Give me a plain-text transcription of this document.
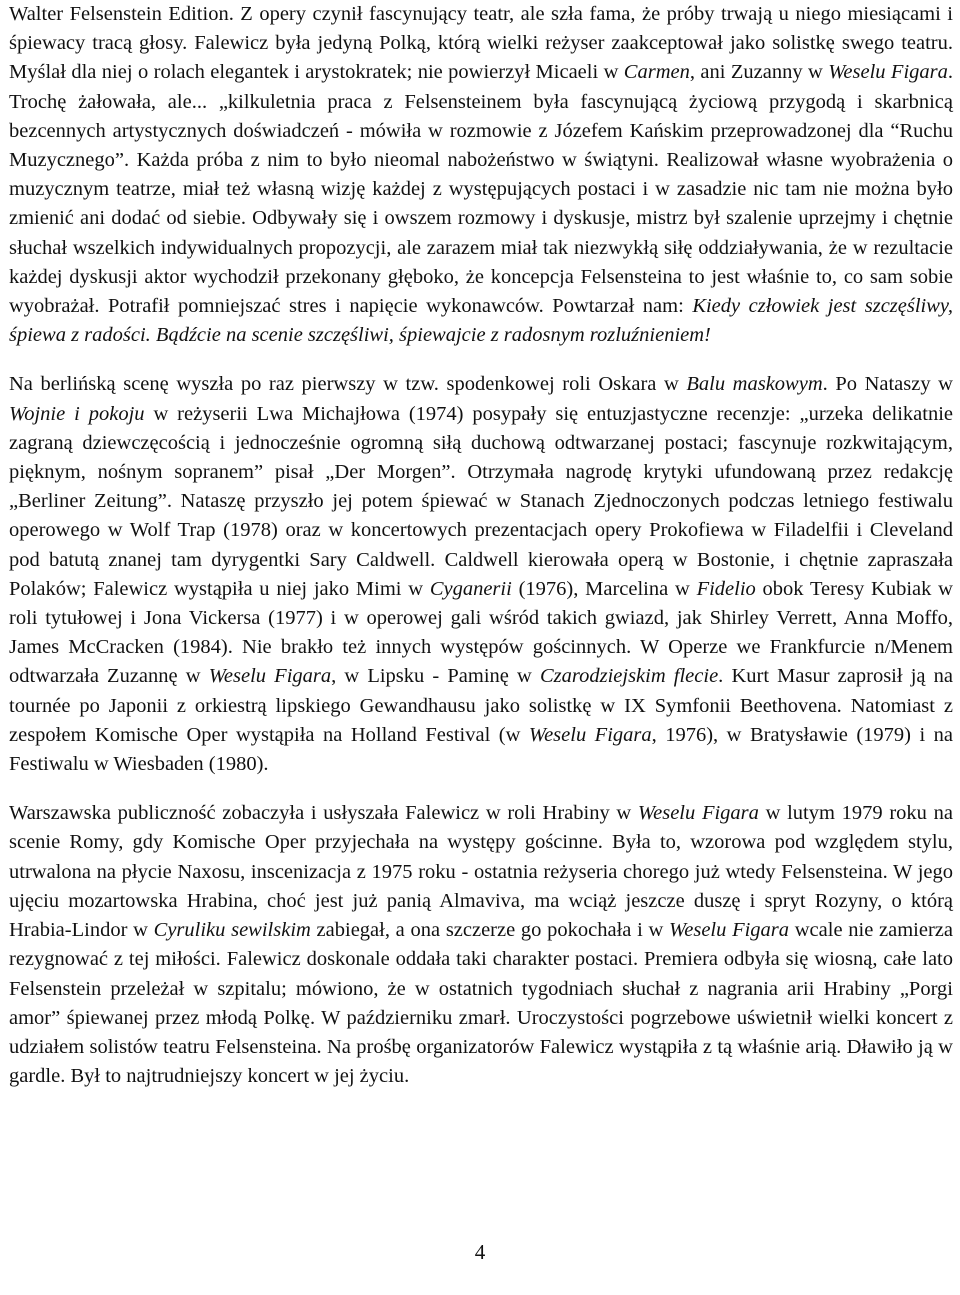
Walter Felsenstein Edition. Z opery czynił fascynujący teatr, ale szła fama, że próby trwają u niego miesiącami i śpiewacy tracą głosy. Falewicz była jedyną Polką, którą wielki reżyser zaakceptował jako solistkę swego teatru. Myślał dla niej o rolach elegantek i arystokratek; nie powierzył Micaeli w Carmen, ani Zuzanny w Weselu Figara. Trochę żałowała, ale... „kilkuletnia praca z Felsensteinem była fascynującą życiową przygodą i skarbnicą bezcennych artystycznych doświadczeń - mówiła w rozmowie z Józefem Kańskim przeprowadzonej dla “Ruchu Muzycznego”. Każda próba z nim to było nieomal nabożeństwo w świątyni. Realizował własne wyobrażenia o muzycznym teatrze, miał też własną wizję każdej z występujących postaci i w zasadzie nic tam nie można było zmienić ani dodać od siebie. Odbywały się i owszem rozmowy i dyskusje, mistrz był szalenie uprzejmy i chętnie słuchał wszelkich indywidualnych propozycji, ale zarazem miał tak niezwykłą siłę oddziaływania, że w rezultacie każdej dyskusji aktor wychodził przekonany głęboko, że koncepcja Felsensteina to jest właśnie to, co sam sobie wyobrażał. Potrafił pomniejszać stres i napięcie wykonawców. Powtarzał nam: Kiedy człowiek jest szczęśliwy, śpiewa z radości. Bądźcie na scenie szczęśliwi, śpiewajcie z radosnym rozluźnieniem!

Na berlińską scenę wyszła po raz pierwszy w tzw. spodenkowej roli Oskara w Balu maskowym. Po Nataszy w Wojnie i pokoju w reżyserii Lwa Michajłowa (1974) posypały się entuzjastyczne recenzje: „urzeka delikatnie zagraną dziewczęcością i jednocześnie ogromną siłą duchową odtwarzanej postaci; fascynuje rozkwitającym, pięknym, nośnym sopranem” pisał „Der Morgen”. Otrzymała nagrodę krytyki ufundowaną przez redakcję „Berliner Zeitung”. Nataszę przyszło jej potem śpiewać w Stanach Zjednoczonych podczas letniego festiwalu operowego w Wolf Trap (1978) oraz w koncertowych prezentacjach opery Prokofiewa w Filadelfii i Cleveland pod batutą znanej tam dyrygentki Sary Caldwell. Caldwell kierowała operą w Bostonie, i chętnie zapraszała Polaków; Falewicz wystąpiła u niej jako Mimi w Cyganerii (1976), Marcelina w Fidelio obok Teresy Kubiak w roli tytułowej i Jona Vickersa (1977) i w operowej gali wśród takich gwiazd, jak Shirley Verrett, Anna Moffo, James McCracken (1984). Nie brakło też innych występów gościnnych. W Operze we Frankfurcie n/Menem odtwarzała Zuzannę w Weselu Figara, w Lipsku - Paminę w Czarodziejskim flecie. Kurt Masur zaprosił ją na tournée po Japonii z orkiestrą lipskiego Gewandhausu jako solistkę w IX Symfonii Beethovena. Natomiast z zespołem Komische Oper wystąpiła na Holland Festival (w Weselu Figara, 1976), w Bratysławie (1979) i na Festiwalu w Wiesbaden (1980).

Warszawska publiczność zobaczyła i usłyszała Falewicz w roli Hrabiny w Weselu Figara w lutym 1979 roku na scenie Romy, gdy Komische Oper przyjechała na występy gościnne. Była to, wzorowa pod względem stylu, utrwalona na płycie Naxosu, inscenizacja z 1975 roku - ostatnia reżyseria chorego już wtedy Felsensteina. W jego ujęciu mozartowska Hrabina, choć jest już panią Almaviva, ma wciąż jeszcze duszę i spryt Rozyny, o którą Hrabia-Lindor w Cyruliku sewilskim zabiegał, a ona szczerze go pokochała i w Weselu Figara wcale nie zamierza rezygnować z tej miłości. Falewicz doskonale oddała taki charakter postaci. Premiera odbyła się wiosną, całe lato Felsenstein przeleżał w szpitalu; mówiono, że w ostatnich tygodniach słuchał z nagrania arii Hrabiny „Porgi amor” śpiewanej przez młodą Polkę. W październiku zmarł. Uroczystości pogrzebowe uświetnił wielki koncert z udziałem solistów teatru Felsensteina. Na prośbę organizatorów Falewicz wystąpiła z tą właśnie arią. Dławiło ją w gardle. Był to najtrudniejszy koncert w jej życiu.

4
